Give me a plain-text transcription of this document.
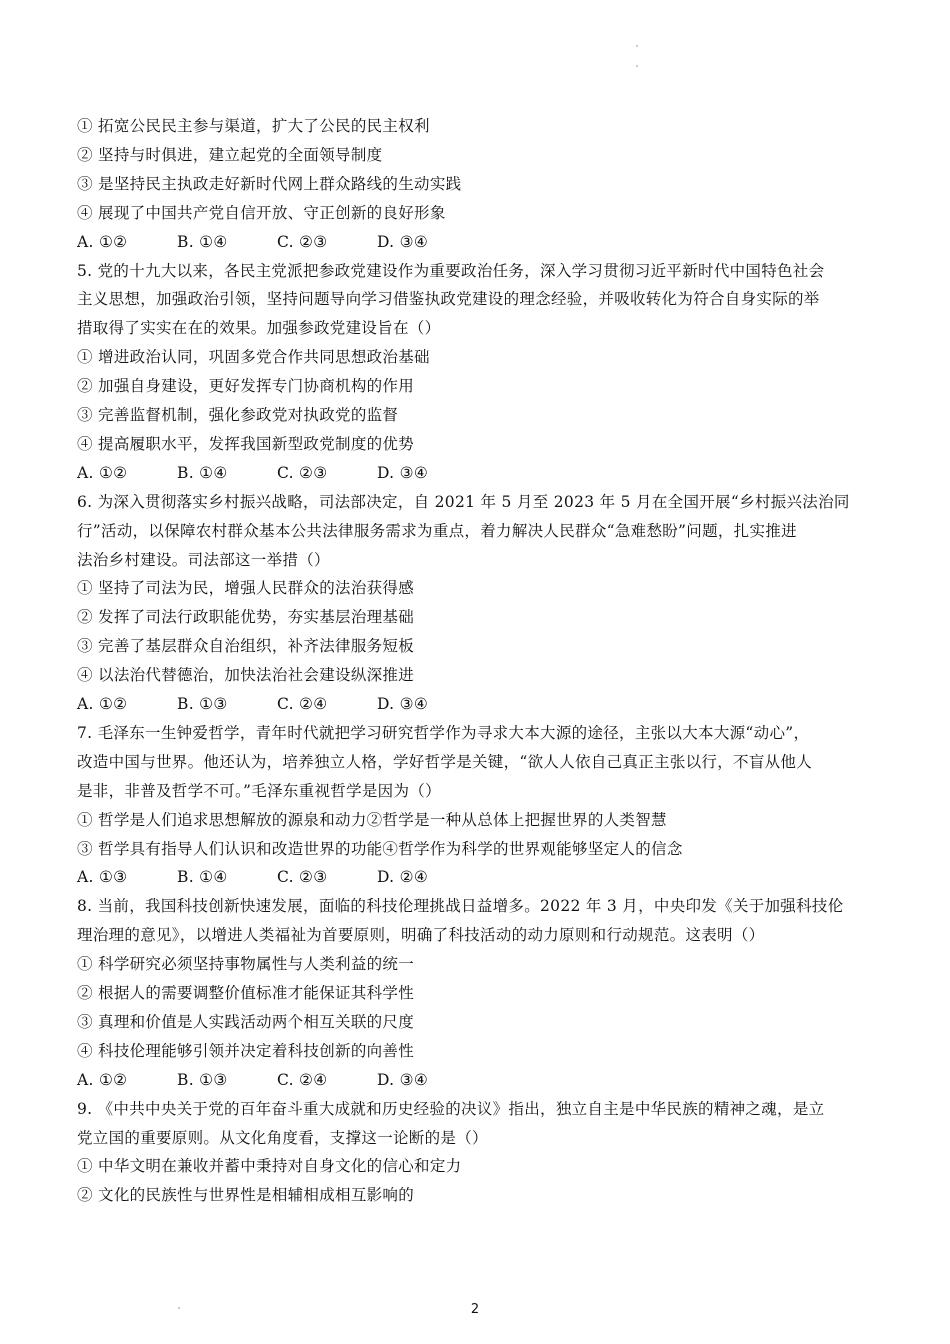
① 拓宽公民民主参与渠道，扩大了公民的民主权利
② 坚持与时俱进，建立起党的全面领导制度
③ 是坚持民主执政走好新时代网上群众路线的生动实践
④ 展现了中国共产党自信开放、守正创新的良好形象
A. ①②	B. ①④	C. ②③	D. ③④
5. 党的十九大以来，各民主党派把参政党建设作为重要政治任务，深入学习贯彻习近平新时代中国特色社会
主义思想，加强政治引领，坚持问题导向学习借鉴执政党建设的理念经验，并吸收转化为符合自身实际的举
措取得了实实在在的效果。加强参政党建设旨在（）
① 增进政治认同，巩固多党合作共同思想政治基础
② 加强自身建设，更好发挥专门协商机构的作用
③ 完善监督机制，强化参政党对执政党的监督
④ 提高履职水平，发挥我国新型政党制度的优势
A. ①②	B. ①④	C. ②③	D. ③④
6. 为深入贯彻落实乡村振兴战略，司法部决定，自 2021 年 5 月至 2023 年 5 月在全国开展“乡村振兴法治同
行”活动，以保障农村群众基本公共法律服务需求为重点，着力解决人民群众“急难愁盼”问题，扎实推进
法治乡村建设。司法部这一举措（）
① 坚持了司法为民，增强人民群众的法治获得感
② 发挥了司法行政职能优势，夯实基层治理基础
③ 完善了基层群众自治组织，补齐法律服务短板
④ 以法治代替德治，加快法治社会建设纵深推进
A. ①②	B. ①③	C. ②④	D. ③④
7. 毛泽东一生钟爱哲学，青年时代就把学习研究哲学作为寻求大本大源的途径，主张以大本大源“动心”，
改造中国与世界。他还认为，培养独立人格，学好哲学是关键，“欲人人依自己真正主张以行，不盲从他人
是非，非普及哲学不可。”毛泽东重视哲学是因为（）
① 哲学是人们追求思想解放的源泉和动力②哲学是一种从总体上把握世界的人类智慧
③ 哲学具有指导人们认识和改造世界的功能④哲学作为科学的世界观能够坚定人的信念
A. ①③	B. ①④	C. ②③	D. ②④
8. 当前，我国科技创新快速发展，面临的科技伦理挑战日益增多。2022 年 3 月，中央印发《关于加强科技伦
理治理的意见》，以增进人类福祉为首要原则，明确了科技活动的动力原则和行动规范。这表明（）
① 科学研究必须坚持事物属性与人类利益的统一
② 根据人的需要调整价值标准才能保证其科学性
③ 真理和价值是人实践活动两个相互关联的尺度
④ 科技伦理能够引领并决定着科技创新的向善性
A. ①②	B. ①③	C. ②④	D. ③④
9. 《中共中央关于党的百年奋斗重大成就和历史经验的决议》指出，独立自主是中华民族的精神之魂，是立
党立国的重要原则。从文化角度看，支撑这一论断的是（）
① 中华文明在兼收并蓄中秉持对自身文化的信心和定力
② 文化的民族性与世界性是相辅相成相互影响的
2
